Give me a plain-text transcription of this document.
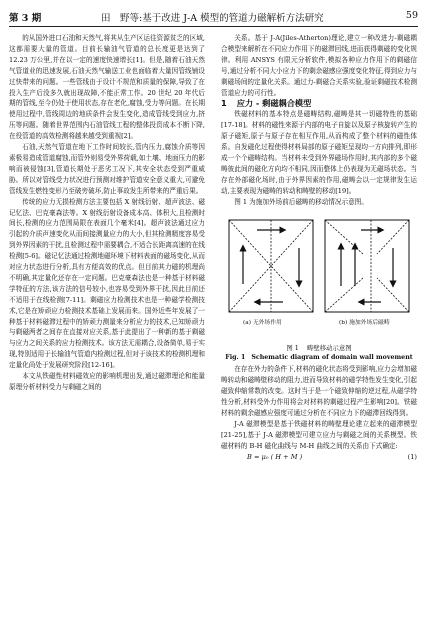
第 3 期	田　野等:基于改进 J-A 模型的管道力磁解析方法研究	59

的从国外进口石油和天然气,将其从生产区运往资源贫乏的区域,这都需要大量的管道。目前长输油气管道的总长度更是达到了 12.23 万公里,并在以一定的速度快速增长[1]。但是,随着石油天然气管道业的迅速发展,石油天然气输送工业也面临着大量因管线铺设过快带来的问题。一些管线由于设计不规范和质量的保障,导致了在投入生产后没多久就出现故障,不能正常工作。20 世纪 20 年代后期的管线,至今仍处于使用状态,存在老化,腐蚀,受力等问题。在长期使用过程中,管线周边的地质条件会发生变化,造成管线受到应力,挤压等问题。随着世界范围内石油管线工程的整体投资成本不断下降,在役管道的高效检测将越来越受到重视[2]。

石油,天然气管道在地下工作时间较长,管内压力,腐蚀介质等因素极易造成管道腐蚀,而管外则易受外界荷载,如土壤、地面压力的影响而被侵蚀[3],管道长期处于恶劣工况下,其安全状态受到严重威胁。所以对管线受力状况进行预测对维护管道安全意义重大,可避免管线发生燃性变形乃至破旁破坏,防止事故发生所带来的严重后果。

传统的应力无损检测方法主要包括 X 射线衍射、超声波法、磁记忆法、巴克豪森法等。X 射线衍射设备成本高、体积大,且检测时间长,检测的应力范围局限在表面几个毫米[4]。超声波法通过应力引起的介质声速变化从而间接测量应力的大小,但其检测精度容易受到外界因素的干扰,且检测过程中需要耦合,不适合长距离高速的在线检测[5-6]。磁记忆法通过检测地磁环境下材料表面的磁场变化,从而对应力状态进行分析,具有方便高效的优点。但目前其力磁的机理尚不明确,其定量化还存在一定问题。巴克豪森法也是一种基于材料磁学特征的方法,该方法的信号较小,也容易受到外界干扰,因此目前还不适用于在线检测[7-11]。剩磁应力检测技术也是一种磁学检测技术,它是在矫顽应力检测技术基础上发展而来。国外近些年发展了一种基于材料磁滞过程中的矫顽力测量来分析应力的技术,已知矫顽力与剩磁两者之间存在直接对应关系,基于此提出了一种新的基于剩磁与应力之间关系的应力检测技术。该方法无需耦合,设备简单,易于实现,特别适用于长输油气管道内检测过程,但对于该技术的检测机理和定量化尚处于发展研究阶段[12-16]。

本文从铁磁性材料磁效应的影响机理出发,通过磁滞理论和能量原理分析材料受力与剩磁之间的

关系。基于 J-A(Jiles-Atherton)理论,建立一种改进力-剩磁耦合模型来解析在不同应力作用下的磁滞回线,进而获得剩磁的变化规律。利用 ANSYS 有限元分析软件,模拟各种应力作用下的剩磁信号,通过分析不同大小应力下的剩余磁感应强度变化特征,得到应力与剩磁场间的定量化关系。通过力-剩磁合关系实验,验证剩磁技术检测管道应力的可行性。

1 应力 - 剩磁耦合模型

铁磁材料的基本特点是磁畴结构,磁畴是其一切磁特性的基础[17-18]。材料的磁性来源于内部的电子自旋以及原子核旋转产生的原子磁矩,原子与原子存在相互作用,从而构成了整个材料的磁性体系。自发磁化过程使得材料局部的原子磁矩呈现均一方向排列,即形成一个个磁畴结构。当材料未受到外界磁场作用时,其内部的多个磁畴彼此间的磁化方向均不相同,因而整体上仍表现为无磁场状态。当存在外部磁化场时,由于外界因素的作用,磁畴会以一定规律发生运动,主要表现为磁畴的转动和畴壁的移动[19]。

图 1 为施加外场前后磁畴的移动情况示意图。

(a) 无外场作用	(b) 施加外场后磁畴

图 1 畴壁移动示意图

Fig. 1 Schematic diagram of domain wall movement

在存在外力的条件下,材料的磁化状态将受到影响,应力会增加磁畴转动和磁畴壁移动的阻力,进而导致材料的磁学特性发生变化,引起磁致伸缩常数的改变。这时当于是一个磁致伸缩的逆过程,从磁学特性分析,材料受外力作用将会对材料的剩磁过程产生影响[20]。铁磁材料的剩余磁感应强度可通过分析在不同应力下的磁滞回线得到。

J-A 磁滞模型是基于铁磁材料的畴壁理论建立起来的磁滞模型[21-25],基于 J-A 磁滞模型可建立应力与剩磁之间的关系模型。铁磁材料的 B-H 磁化曲线与 M-H 曲线之间的关系由下式确定:

B = μ₀ ( H + M )	(1)
